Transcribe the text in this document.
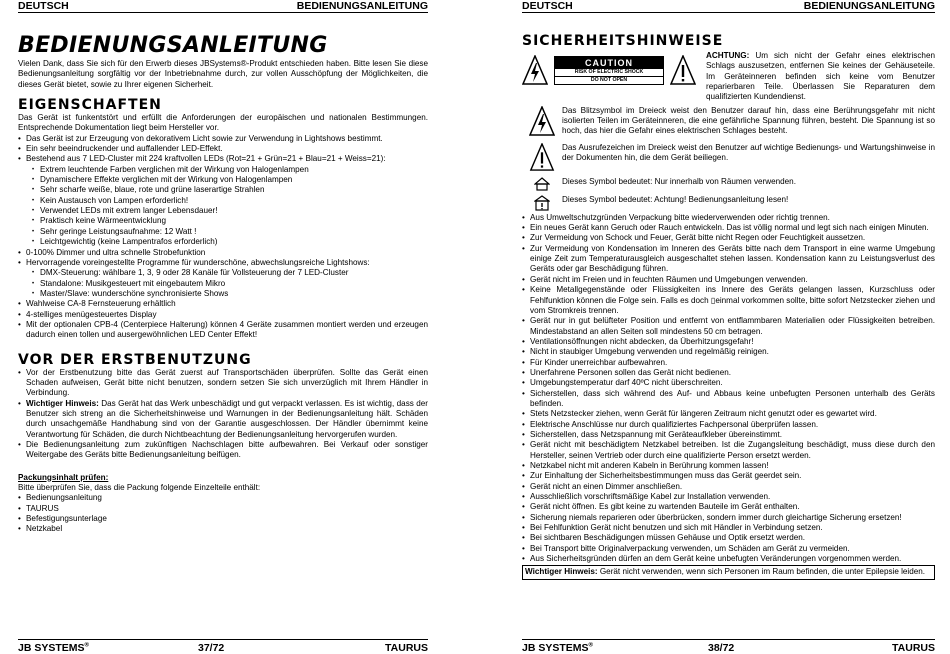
DEUTSCH	BEDIENUNGSANLEITUNG
BEDIENUNGSANLEITUNG

Vielen Dank, dass Sie sich für den Erwerb dieses JBSystems®-Produkt entschieden haben. Bitte lesen Sie diese Bedienungsanleitung sorgfältig vor der Inbetriebnahme durch, zur vollen Ausschöpfung der Möglichkeiten, die dieses Gerät bietet, sowie zu Ihrer eigenen Sicherheit.

EIGENSCHAFTEN

Das Gerät ist funkentstört und erfüllt die Anforderungen der europäischen und nationalen Bestimmungen. Entsprechende Dokumentation liegt beim Hersteller vor.

• Das Gerät ist zur Erzeugung von dekorativem Licht sowie zur Verwendung in Lightshows bestimmt.
• Ein sehr beeindruckender und auffallender LED-Effekt.
• Bestehend aus 7 LED-Cluster mit 224 kraftvollen LEDs (Rot=21 + Grün=21 + Blau=21 + Weiss=21):
• Extrem leuchtende Farben verglichen mit der Wirkung von Halogenlampen
• Dynamischere Effekte verglichen mit der Wirkung von Halogenlampen
• Sehr scharfe weiße, blaue, rote und grüne laserartige Strahlen
• Kein Austausch von Lampen erforderlich!
• Verwendet LEDs mit extrem langer Lebensdauer!
• Praktisch keine Wärmeentwicklung
• Sehr geringe Leistungsaufnahme: 12 Watt !
• Leichtgewichtig (keine Lampentrafos erforderlich)
• 0-100% Dimmer und ultra schnelle Strobefunktion
• Hervorragende voreingestellte Programme für wunderschöne, abwechslungsreiche Lightshows:
• DMX-Steuerung: wählbare 1, 3, 9 oder 28 Kanäle für Vollsteuerung der 7 LED-Cluster
• Standalone: Musikgesteuert mit eingebautem Mikro
• Master/Slave: wunderschöne synchronisierte Shows
• Wahlweise CA-8 Fernsteuerung erhältlich
• 4-stelliges menügesteuertes Display
• Mit der optionalen CPB-4 (Centerpiece Halterung) können 4 Geräte zusammen montiert werden und erzeugen dadurch einen tollen und ausergewöhnlichen LED Center Effekt!
VOR DER ERSTBENUTZUNG
• Vor der Erstbenutzung bitte das Gerät zuerst auf Transportschäden überprüfen. Sollte das Gerät einen Schaden aufweisen, Gerät bitte nicht benutzen, sondern setzen Sie sich unverzüglich mit Ihrem Händler in Verbindung.
• Wichtiger Hinweis: Das Gerät hat das Werk unbeschädigt und gut verpackt verlassen. Es ist wichtig, dass der Benutzer sich streng an die Sicherheitshinweise und Warnungen in der Bedienungsanleitung hält. Schäden durch unsachgemäße Handhabung sind von der Garantie ausgeschlossen. Der Händler übernimmt keine Verantwortung für Schäden, die durch Nichtbeachtung der Bedienungsanleitung hervorgerufen wurden.
• Die Bedienungsanleitung zum zukünftigen Nachschlagen bitte aufbewahren. Bei Verkauf oder sonstiger Weitergabe des Geräts bitte Bedienungsanleitung beifügen.
Packungsinhalt prüfen:

Bitte überprüfen Sie, dass die Packung folgende Einzelteile enthält:

• Bedienungsanleitung
• TAURUS
• Befestigungsunterlage
• Netzkabel
JB SYSTEMS®	37/72	TAURUS
DEUTSCH	BEDIENUNGSANLEITUNG
SICHERHEITSHINWEISE
CAUTION
RISK OF ELECTRIC SHOCK
DO NOT OPEN

ACHTUNG: Um sich nicht der Gefahr eines elektrischen Schlags auszusetzen, entfernen Sie keines der Gehäuseteile. Im Geräteinneren befinden sich keine vom Benutzer reparierbaren Teile. Überlassen Sie Reparaturen dem qualifizierten Kundendienst.

Das Blitzsymbol im Dreieck weist den Benutzer darauf hin, dass eine Berührungsgefahr mit nicht isolierten Teilen im Geräteinneren, die eine gefährliche Spannung führen, besteht. Die Spannung ist so hoch, das hier die Gefahr eines elektrischen Schlages besteht.

Das Ausrufezeichen im Dreieck weist den Benutzer auf wichtige Bedienungs- und Wartungshinweise in der Dokumenten hin, die dem Gerät beiliegen.

Dieses Symbol bedeutet: Nur innerhalb von Räumen verwenden.

Dieses Symbol bedeutet: Achtung! Bedienungsanleitung lesen!

• Aus Umweltschutzgründen Verpackung bitte wiederverwenden oder richtig trennen.
• Ein neues Gerät kann Geruch oder Rauch entwickeln. Das ist völlig normal und legt sich nach einigen Minuten.
• Zur Vermeidung von Schock und Feuer, Gerät bitte nicht Regen oder Feuchtigkeit aussetzen.
• Zur Vermeidung von Kondensation im Inneren des Geräts bitte nach dem Transport in eine warme Umgebung einige Zeit zum Temperaturausgleich ausgeschaltet stehen lassen. Kondensation kann zu Leistungsverlust des Geräts oder gar Beschädigung führen.
• Gerät nicht im Freien und in feuchten Räumen und Umgebungen verwenden.
• Keine Metallgegenstände oder Flüssigkeiten ins Innere des Geräts gelangen lassen, Kurzschluss oder Fehlfunktion können die Folge sein. Falls es doch ▯einmal vorkommen sollte, bitte sofort Netzstecker ziehen und vom Stromkreis trennen.
• Gerät nur in gut belüfteter Position und entfernt von entflammbaren Materialien oder Flüssigkeiten betreiben. Mindestabstand an allen Seiten soll mindestens 50 cm betragen.
• Ventilationsöffnungen nicht abdecken, da Überhitzungsgefahr!
• Nicht in staubiger Umgebung verwenden und regelmäßig reinigen.
• Für Kinder unerreichbar aufbewahren.
• Unerfahrene Personen sollen das Gerät nicht bedienen.
• Umgebungstemperatur darf 40ºC nicht überschreiten.
• Sicherstellen, dass sich während des Auf- und Abbaus keine unbefugten Personen unterhalb des Geräts befinden.
• Stets Netzstecker ziehen, wenn Gerät für längeren Zeitraum nicht genutzt oder es gewartet wird.
• Elektrische Anschlüsse nur durch qualifiziertes Fachpersonal überprüfen lassen.
• Sicherstellen, dass Netzspannung mit Geräteaufkleber übereinstimmt.
• Gerät nicht mit beschädigtem Netzkabel betreiben. Ist die Zugangsleitung beschädigt, muss diese durch den Hersteller, seinen Vertrieb oder durch eine qualifizierte Person ersetzt werden.
• Netzkabel nicht mit anderen Kabeln in Berührung kommen lassen!
• Zur Einhaltung der Sicherheitsbestimmungen muss das Gerät geerdet sein.
• Gerät nicht an einen Dimmer anschließen.
• Ausschließlich vorschriftsmäßige Kabel zur Installation verwenden.
• Gerät nicht öffnen. Es gibt keine zu wartenden Bauteile im Gerät enthalten.
• Sicherung niemals reparieren oder überbrücken, sondern immer durch gleichartige Sicherung ersetzen!
• Bei Fehlfunktion Gerät nicht benutzen und sich mit Händler in Verbindung setzen.
• Bei sichtbaren Beschädigungen müssen Gehäuse und Optik ersetzt werden.
• Bei Transport bitte Originalverpackung verwenden, um Schäden am Gerät zu vermeiden.
• Aus Sicherheitsgründen dürfen an dem Gerät keine unbefugten Veränderungen vorgenommen werden.
Wichtiger Hinweis: Gerät nicht verwenden, wenn sich Personen im Raum befinden, die unter Epilepsie leiden.
JB SYSTEMS®	38/72	TAURUS
